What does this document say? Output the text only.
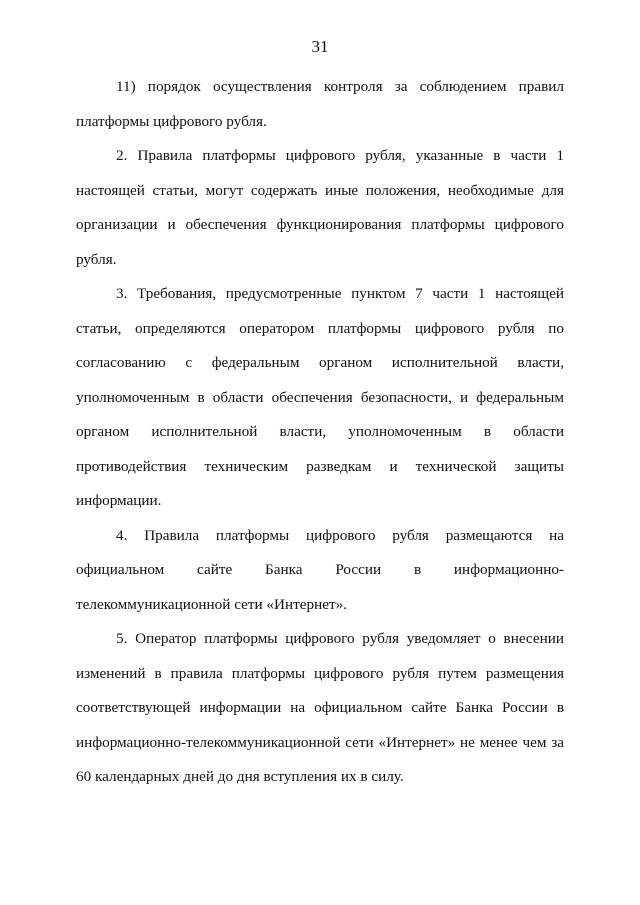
31

11) порядок осуществления контроля за соблюдением правил платформы цифрового рубля.

2. Правила платформы цифрового рубля, указанные в части 1 настоящей статьи, могут содержать иные положения, необходимые для организации и обеспечения функционирования платформы цифрового рубля.

3. Требования, предусмотренные пунктом 7 части 1 настоящей статьи, определяются оператором платформы цифрового рубля по согласованию с федеральным органом исполнительной власти, уполномоченным в области обеспечения безопасности, и федеральным органом исполнительной власти, уполномоченным в области противодействия техническим разведкам и технической защиты информации.

4. Правила платформы цифрового рубля размещаются на официальном сайте Банка России в информационно-телекоммуникационной сети «Интернет».

5. Оператор платформы цифрового рубля уведомляет о внесении изменений в правила платформы цифрового рубля путем размещения соответствующей информации на официальном сайте Банка России в информационно-телекоммуникационной сети «Интернет» не менее чем за 60 календарных дней до дня вступления их в силу.
